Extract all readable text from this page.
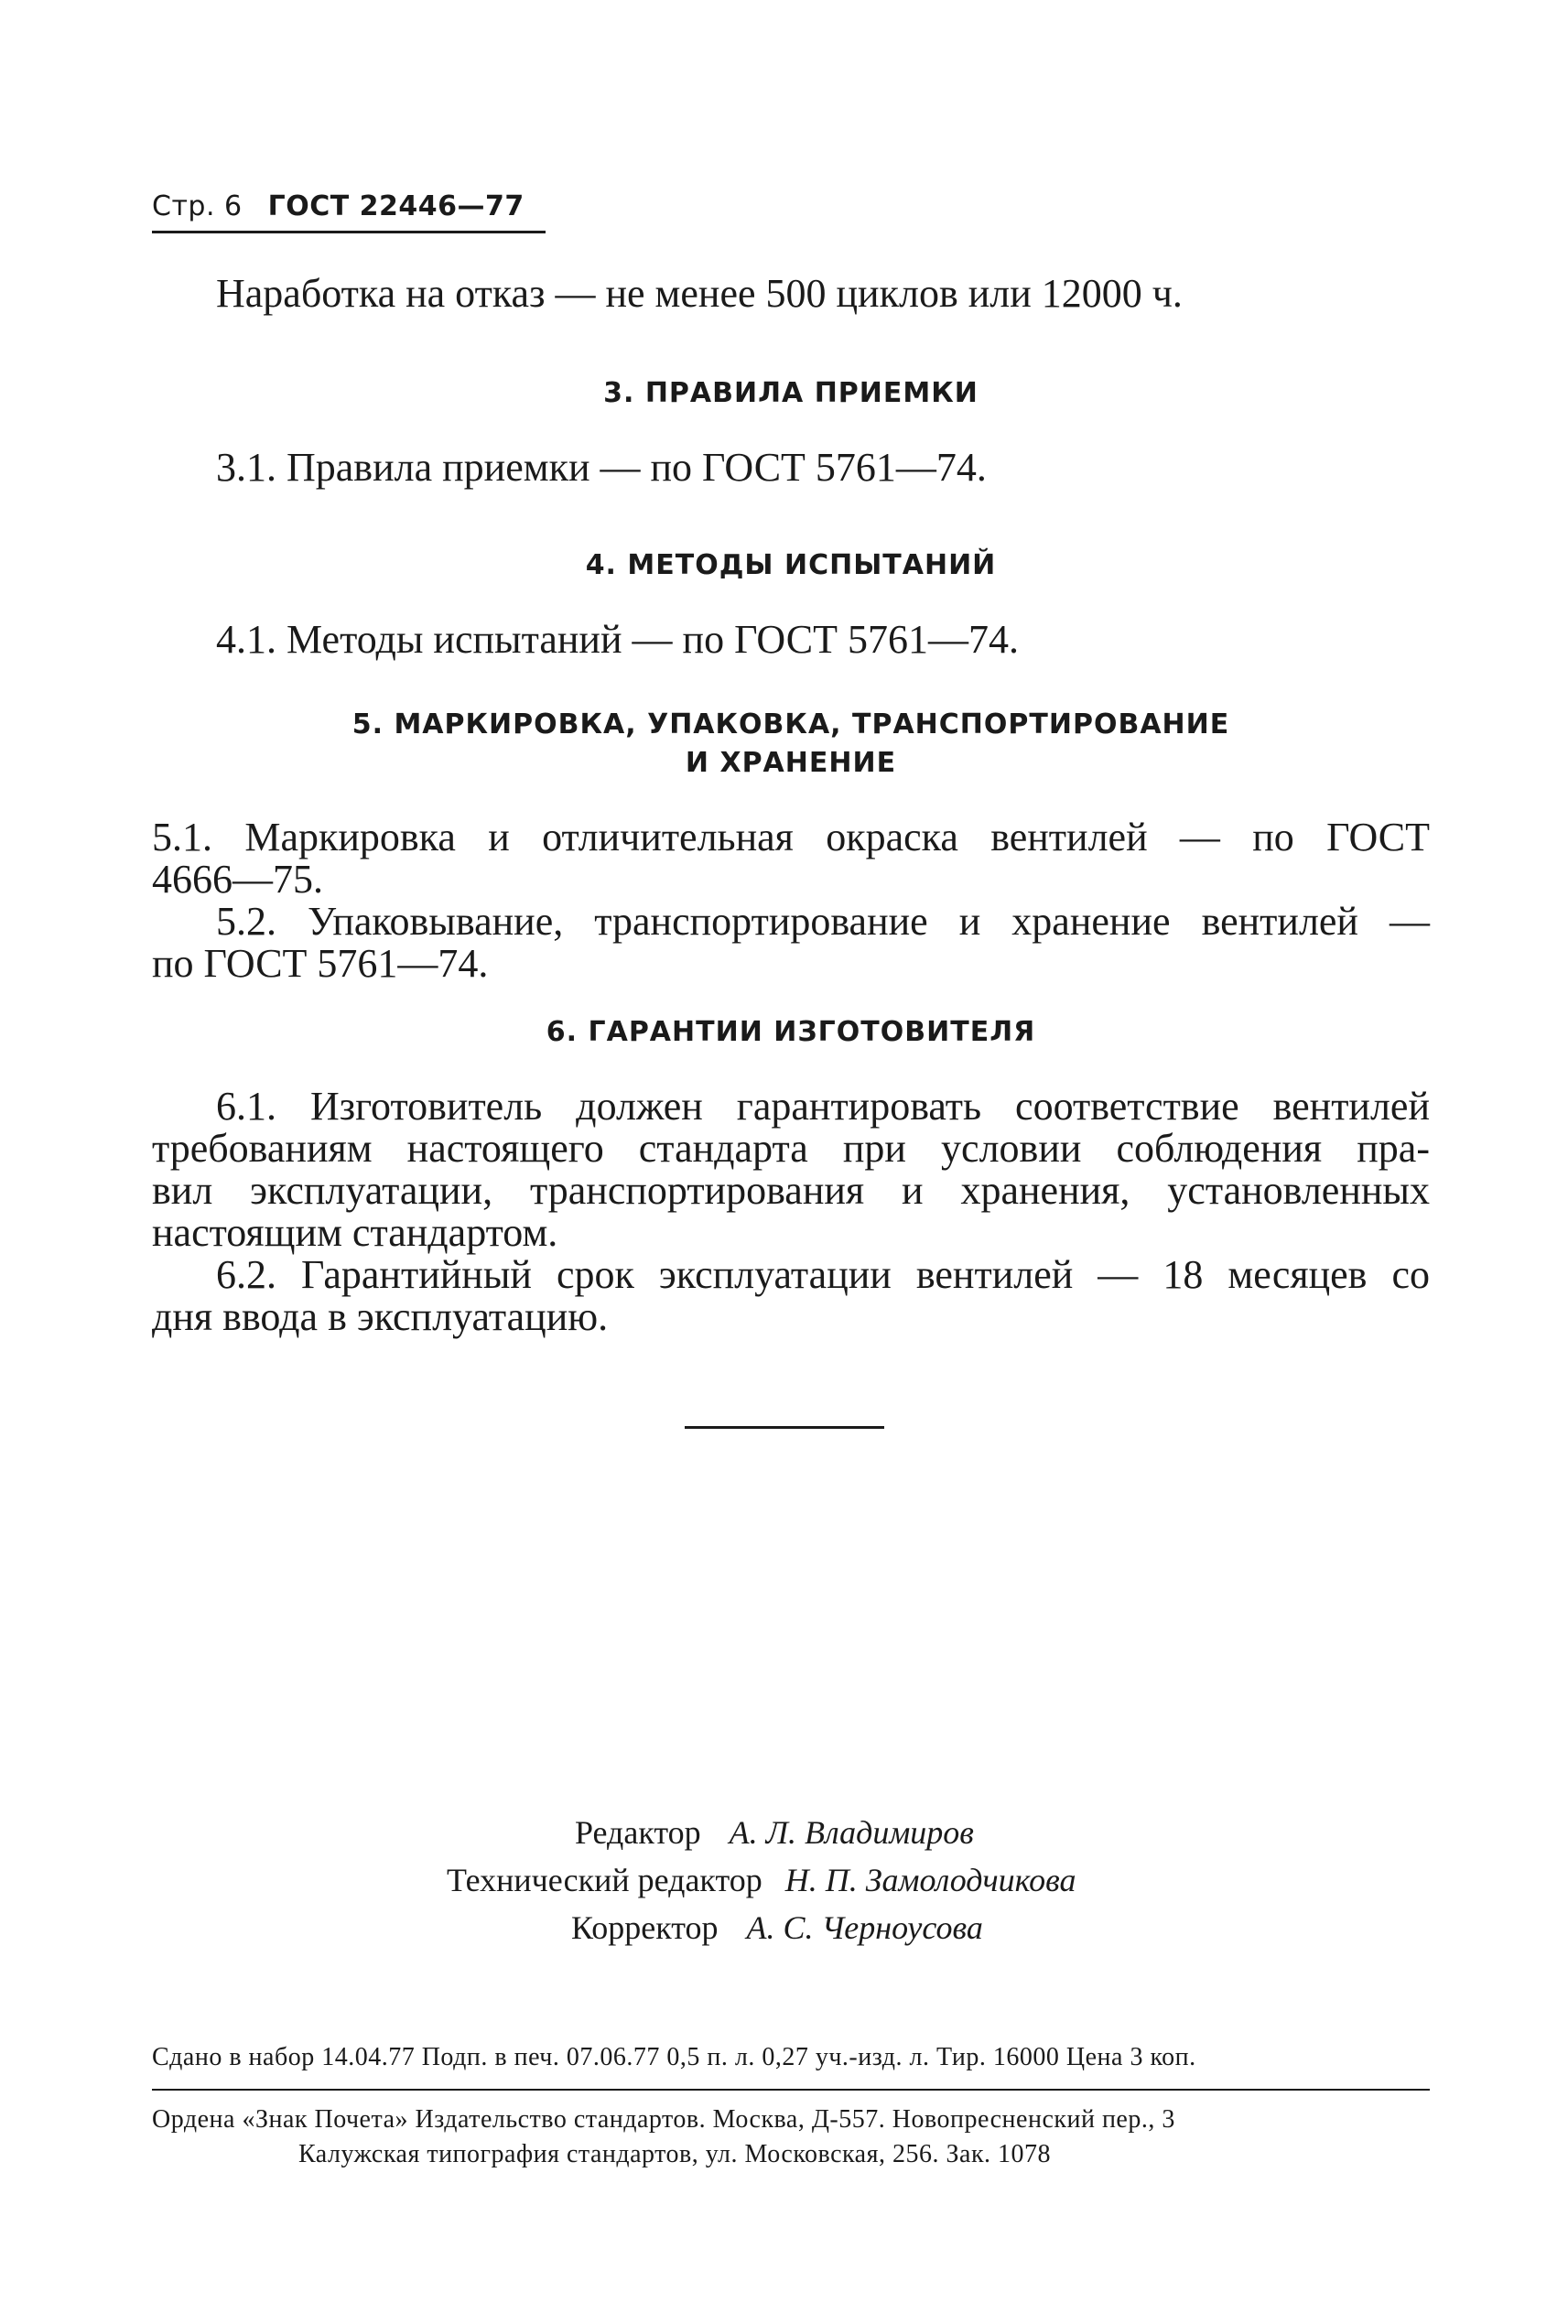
Стр. 6 ГОСТ 22446—77
Наработка на отказ — не менее 500 циклов или 12000 ч.
3. ПРАВИЛА ПРИЕМКИ
3.1. Правила приемки — по ГОСТ 5761—74.
4. МЕТОДЫ ИСПЫТАНИЙ
4.1. Методы испытаний — по ГОСТ 5761—74.
5. МАРКИРОВКА, УПАКОВКА, ТРАНСПОРТИРОВАНИЕ
И ХРАНЕНИЕ
5.1. Маркировка и отличительная окраска вентилей — по ГОСТ
4666—75.
5.2. Упаковывание, транспортирование и хранение вентилей —
по ГОСТ 5761—74.
6. ГАРАНТИИ ИЗГОТОВИТЕЛЯ
6.1. Изготовитель должен гарантировать соответствие вентилей
требованиям настоящего стандарта при условии соблюдения пра-
вил эксплуатации, транспортирования и хранения, установленных
настоящим стандартом.
6.2. Гарантийный срок эксплуатации вентилей — 18 месяцев со
дня ввода в эксплуатацию.
Редактор А. Л. Владимиров
Технический редактор Н. П. Замолодчикова
Корректор А. С. Черноусова
Сдано в набор 14.04.77 Подп. в печ. 07.06.77 0,5 п. л. 0,27 уч.-изд. л. Тир. 16000 Цена 3 коп.
Ордена «Знак Почета» Издательство стандартов. Москва, Д-557. Новопресненский пер., 3
Калужская типография стандартов, ул. Московская, 256. Зак. 1078
